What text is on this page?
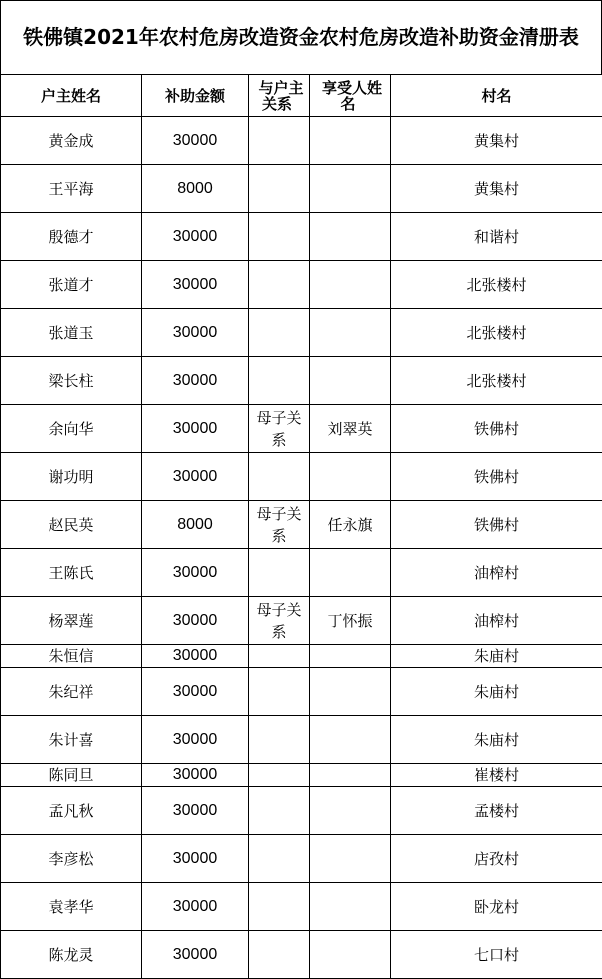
铁佛镇2021年农村危房改造资金农村危房改造补助资金清册表
户主姓名	补助金额	与户主关系	享受人姓名	村名
黄金成	30000			黄集村
王平海	8000			黄集村
殷德才	30000			和谐村
张道才	30000			北张楼村
张道玉	30000			北张楼村
梁长柱	30000			北张楼村
余向华	30000	母子关系	刘翠英	铁佛村
谢功明	30000			铁佛村
赵民英	8000	母子关系	任永旗	铁佛村
王陈氏	30000			油榨村
杨翠莲	30000	母子关系	丁怀振	油榨村
朱恒信	30000			朱庙村
朱纪祥	30000			朱庙村
朱计喜	30000			朱庙村
陈同旦	30000			崔楼村
孟凡秋	30000			孟楼村
李彦松	30000			店孜村
袁孝华	30000			卧龙村
陈龙灵	30000			七口村
